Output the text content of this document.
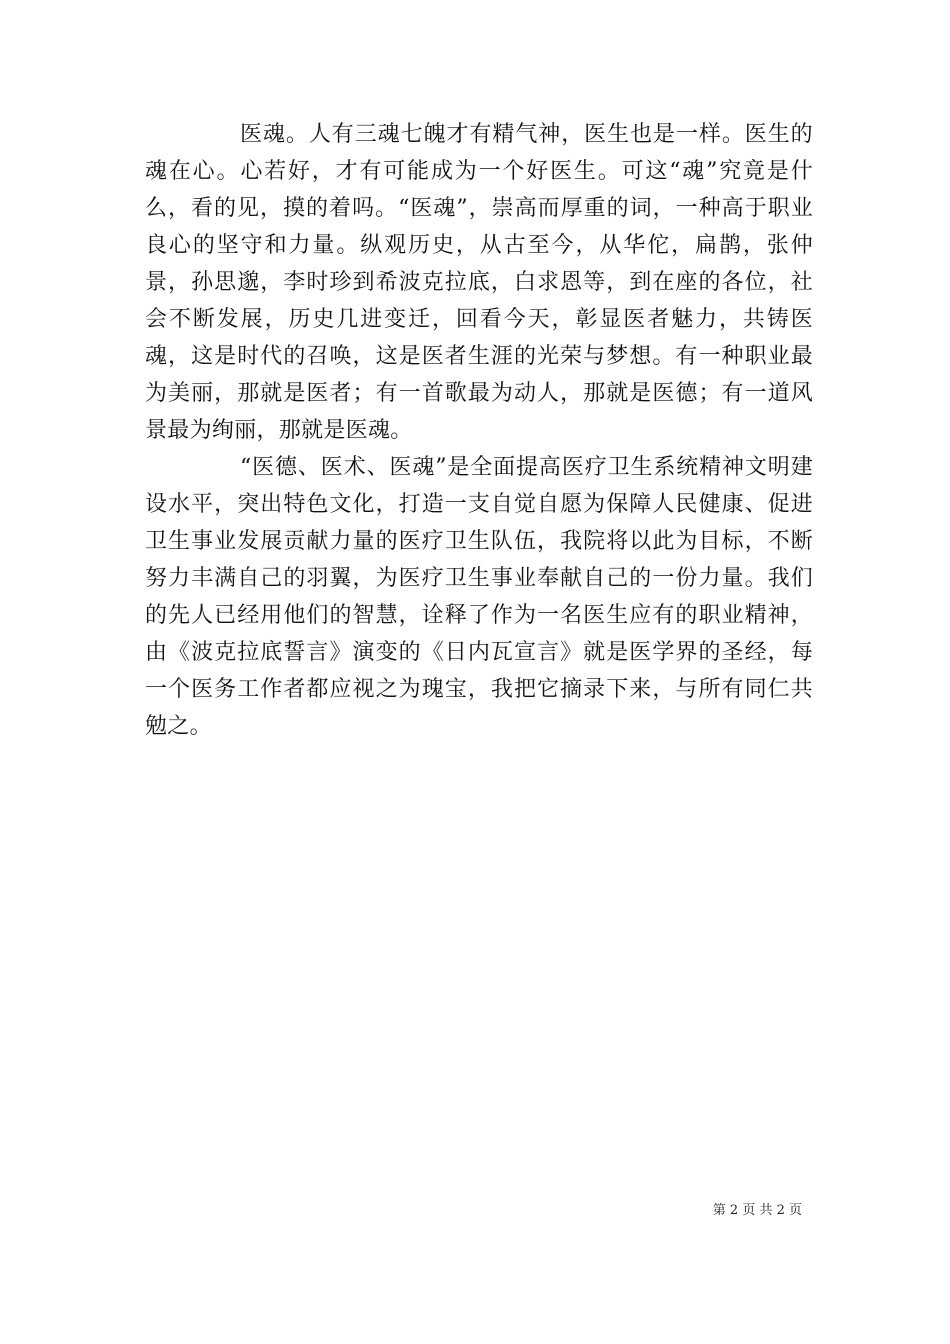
医魂。人有三魂七魄才有精气神，医生也是一样。医生的魂在心。心若好，才有可能成为一个好医生。可这“魂”究竟是什么，看的见，摸的着吗。“医魂”，崇高而厚重的词，一种高于职业良心的坚守和力量。纵观历史，从古至今，从华佗，扁鹊，张仲景，孙思邈，李时珍到希波克拉底，白求恩等，到在座的各位，社会不断发展，历史几进变迁，回看今天，彰显医者魅力，共铸医魂，这是时代的召唤，这是医者生涯的光荣与梦想。有一种职业最为美丽，那就是医者；有一首歌最为动人，那就是医德；有一道风景最为绚丽，那就是医魂。

“医德、医术、医魂”是全面提高医疗卫生系统精神文明建设水平，突出特色文化，打造一支自觉自愿为保障人民健康、促进卫生事业发展贡献力量的医疗卫生队伍，我院将以此为目标，不断努力丰满自己的羽翼，为医疗卫生事业奉献自己的一份力量。我们的先人已经用他们的智慧，诠释了作为一名医生应有的职业精神，由《波克拉底誓言》演变的《日内瓦宣言》就是医学界的圣经，每一个医务工作者都应视之为瑰宝，我把它摘录下来，与所有同仁共勉之。

第 2 页 共 2 页
